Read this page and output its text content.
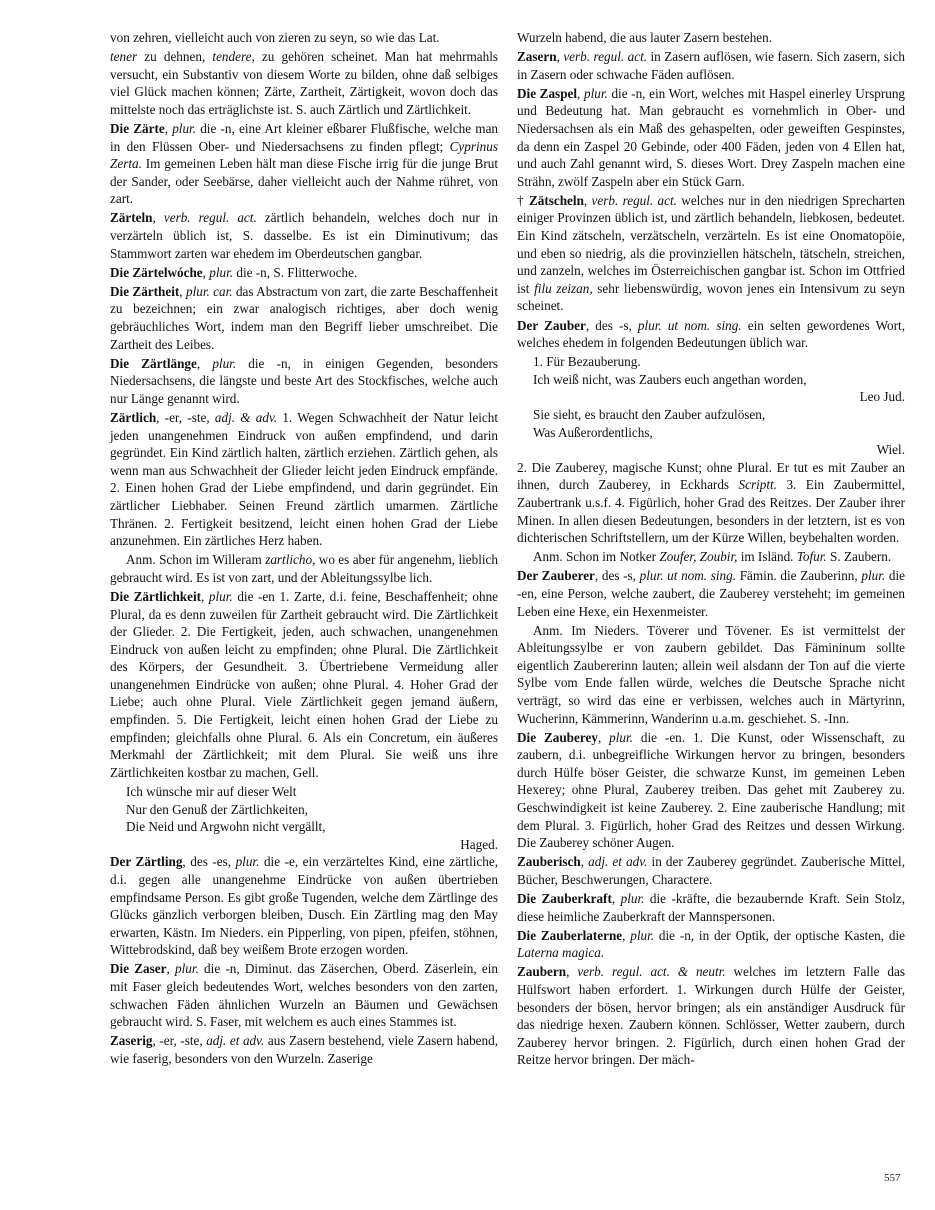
von zehren, vielleicht auch von zieren zu seyn, so wie das Lat.
tener zu dehnen, tendere, zu gehören scheinet. Man hat mehrmahls versucht, ein Substantiv von diesem Worte zu bilden, ohne daß selbiges viel Glück machen können; Zärte, Zartheit, Zärtigkeit, wovon doch das mittelste noch das erträglichste ist. S. auch Zärtlich und Zärtlichkeit.
Die Zärte, plur. die -n, eine Art kleiner eßbarer Flußfische, welche man in den Flüssen Ober- und Niedersachsens zu finden pflegt; Cyprinus Zerta. Im gemeinen Leben hält man diese Fische irrig für die junge Brut der Sander, oder Seebärse, daher vielleicht auch der Nahme rühret, von zart.
Zärteln, verb. regul. act. zärtlich behandeln, welches doch nur in verzärteln üblich ist, S. dasselbe. Es ist ein Diminutivum; das Stammwort zarten war ehedem im Oberdeutschen gangbar.
Die Zärtelwóche, plur. die -n, S. Flitterwoche.
Die Zärtheit, plur. car. das Abstractum von zart, die zarte Beschaffenheit zu bezeichnen; ein zwar analogisch richtiges, aber doch wenig gebräuchliches Wort, indem man den Begriff lieber umschreibet. Die Zartheit des Leibes.
Die Zärtlänge, plur. die -n, in einigen Gegenden, besonders Niedersachsens, die längste und beste Art des Stockfisches, welche auch nur Länge genannt wird.
Zärtlich, -er, -ste, adj. & adv. 1. Wegen Schwachheit der Natur leicht jeden unangenehmen Eindruck von außen empfindend, und darin gegründet. Ein Kind zärtlich halten, zärtlich erziehen. Zärtlich gehen, als wenn man aus Schwachheit der Glieder leicht jeden Eindruck empfände. 2. Einen hohen Grad der Liebe empfindend, und darin gegründet. Ein zärtlicher Liebhaber. Seinen Freund zärtlich umarmen. Zärtliche Thränen. 2. Fertigkeit besitzend, leicht einen hohen Grad der Liebe anzunehmen. Ein zärtliches Herz haben.
Anm. Schon im Willeram zartlicho, wo es aber für angenehm, lieblich gebraucht wird. Es ist von zart, und der Ableitungssylbe lich.
Die Zärtlichkeit, plur. die -en 1. Zarte, d.i. feine, Beschaffenheit; ohne Plural, da es denn zuweilen für Zartheit gebraucht wird. Die Zärtlichkeit der Glieder. 2. Die Fertigkeit, jeden, auch schwachen, unangenehmen Eindruck von außen leicht zu empfinden; ohne Plural. Die Zärtlichkeit des Körpers, der Gesundheit. 3. Übertriebene Vermeidung aller unangenehmen Eindrücke von außen; ohne Plural. 4. Hoher Grad der Liebe; auch ohne Plural. Viele Zärtlichkeit gegen jemand äußern, empfinden. 5. Die Fertigkeit, leicht einen hohen Grad der Liebe zu empfinden; gleichfalls ohne Plural. 6. Als ein Concretum, ein äußeres Merkmahl der Zärtlichkeit; mit dem Plural. Sie weiß uns ihre Zärtlichkeiten kostbar zu machen, Gell.
Ich wünsche mir auf dieser Welt
Nur den Genuß der Zärtlichkeiten,
Die Neid und Argwohn nicht vergällt,
Haged.
Der Zärtling, des -es, plur. die -e, ein verzärteltes Kind, eine zärtliche, d.i. gegen alle unangenehme Eindrücke von außen übertrieben empfindsame Person. Es gibt große Tugenden, welche dem Zärtlinge des Glücks gänzlich verborgen bleiben, Dusch. Ein Zärtling mag den May erwarten, Kästn. Im Nieders. ein Pipperling, von pipen, pfeifen, stöhnen, Wittebrodskind, daß bey weißem Brote erzogen worden.
Die Zaser, plur. die -n, Diminut. das Zäserchen, Oberd. Zäserlein, ein mit Faser gleich bedeutendes Wort, welches besonders von den zarten, schwachen Fäden ähnlichen Wurzeln an Bäumen und Gewächsen gebraucht wird. S. Faser, mit welchem es auch eines Stammes ist.
Zaserig, -er, -ste, adj. et adv. aus Zasern bestehend, viele Zasern habend, wie faserig, besonders von den Wurzeln. Zaserige
Wurzeln habend, die aus lauter Zasern bestehen.
Zasern, verb. regul. act. in Zasern auflösen, wie fasern. Sich zasern, sich in Zasern oder schwache Fäden auflösen.
Die Zaspel, plur. die -n, ein Wort, welches mit Haspel einerley Ursprung und Bedeutung hat. Man gebraucht es vornehmlich in Ober- und Niedersachsen als ein Maß des gehaspelten, oder geweiften Gespinstes, da denn ein Zaspel 20 Gebinde, oder 400 Fäden, jeden von 4 Ellen hat, und auch Zahl genannt wird, S. dieses Wort. Drey Zaspeln machen eine Strähn, zwölf Zaspeln aber ein Stück Garn.
† Zätscheln, verb. regul. act. welches nur in den niedrigen Sprecharten einiger Provinzen üblich ist, und zärtlich behandeln, liebkosen, bedeutet. Ein Kind zätscheln, verzätscheln, verzärteln. Es ist eine Onomatopöie, und eben so niedrig, als die provinziellen hätscheln, tätscheln, streichen, und zanzeln, welches im Österreichischen gangbar ist. Schon im Ottfried ist filu zeizan, sehr liebenswürdig, wovon jenes ein Intensivum zu seyn scheinet.
Der Zauber, des -s, plur. ut nom. sing. ein selten gewordenes Wort, welches ehedem in folgenden Bedeutungen üblich war.
1. Für Bezauberung.
Ich weiß nicht, was Zaubers euch angethan worden,
Leo Jud.
Sie sieht, es braucht den Zauber aufzulösen,
Was Außerordentlichs,
Wiel.
2. Die Zauberey, magische Kunst; ohne Plural. Er tut es mit Zauber an ihnen, durch Zauberey, in Eckhards Scriptt. 3. Ein Zaubermittel, Zaubertrank u.s.f. 4. Figürlich, hoher Grad des Reitzes. Der Zauber ihrer Minen. In allen diesen Bedeutungen, besonders in der letztern, ist es von dichterischen Schriftstellern, um der Kürze Willen, beybehalten worden.
Anm. Schon im Notker Zoufer, Zoubir, im Isländ. Tofur. S. Zaubern.
Der Zauberer, des -s, plur. ut nom. sing. Fämin. die Zauberinn, plur. die -en, eine Person, welche zaubert, die Zauberey versteheht; im gemeinen Leben eine Hexe, ein Hexenmeister.
Anm. Im Nieders. Töverer und Tövener. Es ist vermittelst der Ableitungssylbe er von zaubern gebildet. Das Fämininum sollte eigentlich Zaubererinn lauten; allein weil alsdann der Ton auf die vierte Sylbe vom Ende fallen würde, welches die Deutsche Sprache nicht verträgt, so wird das eine er verbissen, welches auch in Märtyrinn, Wucherinn, Kämmerinn, Wanderinn u.a.m. geschiehet. S. -Inn.
Die Zauberey, plur. die -en. 1. Die Kunst, oder Wissenschaft, zu zaubern, d.i. unbegreifliche Wirkungen hervor zu bringen, besonders durch Hülfe böser Geister, die schwarze Kunst, im gemeinen Leben Hexerey; ohne Plural, Zauberey treiben. Das gehet mit Zauberey zu. Geschwindigkeit ist keine Zauberey. 2. Eine zauberische Handlung; mit dem Plural. 3. Figürlich, hoher Grad des Reitzes und dessen Wirkung. Die Zauberey schöner Augen.
Zauberisch, adj. et adv. in der Zauberey gegründet. Zauberische Mittel, Bücher, Beschwerungen, Charactere.
Die Zauberkraft, plur. die -kräfte, die bezaubernde Kraft. Sein Stolz, diese heimliche Zauberkraft der Mannspersonen.
Die Zauberlaterne, plur. die -n, in der Optik, der optische Kasten, die Laterna magica.
Zaubern, verb. regul. act. & neutr. welches im letztern Falle das Hülfswort haben erfordert. 1. Wirkungen durch Hülfe der Geister, besonders der bösen, hervor bringen; als ein anständiger Ausdruck für das niedrige hexen. Zaubern können. Schlösser, Wetter zaubern, durch Zauberey hervor bringen. 2. Figürlich, durch einen hohen Grad der Reitze hervor bringen. Der mäch-
557
